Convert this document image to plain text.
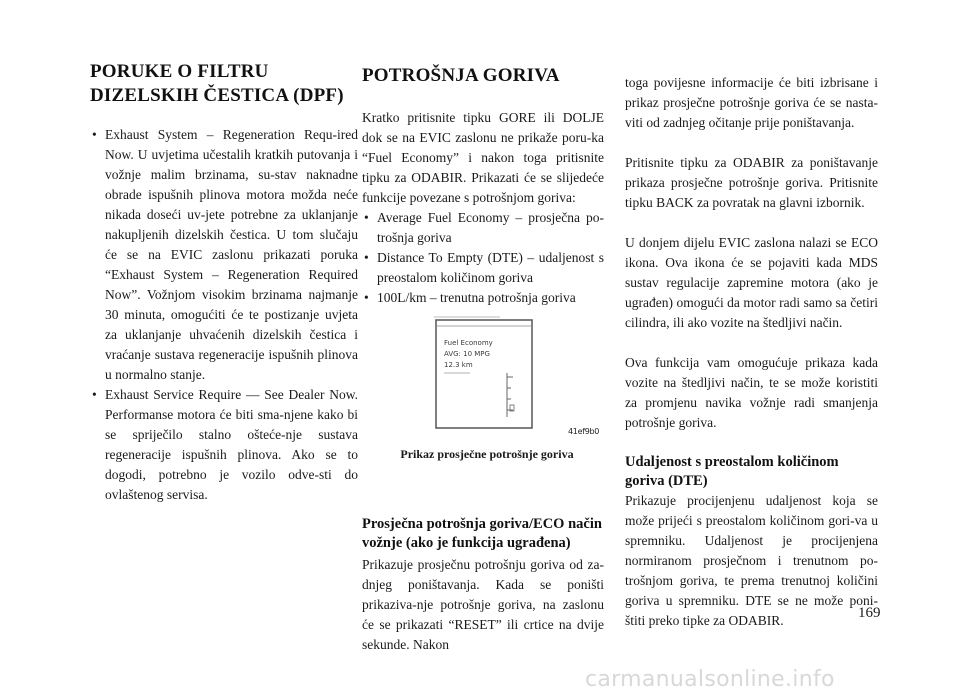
PORUKE O FILTRU
DIZELSKIH ČESTICA (DPF)
• Exhaust System – Regeneration Requ-ired Now. U uvjetima učestalih kratkih putovanja i vožnje malim brzinama, su-stav naknadne obrade ispušnih plinova motora možda neće nikada doseći uv-jete potrebne za uklanjanje nakupljenih dizelskih čestica. U tom slučaju će se na EVIC zaslonu prikazati poruka “Exhaust System – Regeneration Required Now”. Vožnjom visokim brzinama najmanje 30 minuta, omogućiti će te postizanje uvjeta za uklanjanje uhvaćenih dizelskih čestica i vraćanje sustava regeneracije ispušnih plinova u normalno stanje.
• Exhaust Service Require — See Dealer Now. Performanse motora će biti sma-njene kako bi se spriječilo stalno ošteće-nje sustava regeneracije ispušnih plinova. Ako se to dogodi, potrebno je vozilo odve-sti do ovlaštenog servisa.
POTROŠNJA GORIVA

Kratko pritisnite tipku GORE ili DOLJE dok se na EVIC zaslonu ne prikaže poru-ka “Fuel Economy” i nakon toga pritisnite tipku za ODABIR. Prikazati će se slijedeće funkcije povezane s potrošnjom goriva:

• Average Fuel Economy – prosječna po-trošnja goriva
• Distance To Empty (DTE) – udaljenost s preostalom količinom goriva
• 100L/km – trenutna potrošnja goriva
Prosječna potrošnja goriva/ECO način vožnje (ako je funkcija ugrađena)

Prikazuje prosječnu potrošnju goriva od za-dnjeg poništavanja. Kada se poništi prikaziva-nje potrošnje goriva, na zaslonu će se prikazati “RESET” ili crtice na dvije sekunde. Nakon

Fuel Economy
AVG: 10 MPG
12.3 km
41ef9b0
Prikaz prosječne potrošnje goriva

toga povijesne informacije će biti izbrisane i prikaz prosječne potrošnje goriva će se nasta-viti od zadnjeg očitanje prije poništavanja.

Pritisnite tipku za ODABIR za poništavanje prikaza prosječne potrošnje goriva. Pritisnite tipku BACK za povratak na glavni izbornik.

U donjem dijelu EVIC zaslona nalazi se ECO ikona. Ova ikona će se pojaviti kada MDS sustav regulacije zapremine motora (ako je ugrađen) omogući da motor radi samo sa četiri cilindra, ili ako vozite na štedljivi način.

Ova funkcija vam omogućuje prikaza kada vozite na štedljivi način, te se može koristiti za promjenu navika vožnje radi smanjenja potrošnje goriva.

Udaljenost s preostalom količinom goriva (DTE)

Prikazuje procijenjenu udaljenost koja se može prijeći s preostalom količinom gori-va u spremniku. Udaljenost je procijenjena normiranom prosječnom i trenutnom po-trošnjom goriva, te prema trenutnoj količini goriva u spremniku. DTE se ne može poni-štiti preko tipke za ODABIR.	169
carmanualsonline.info
